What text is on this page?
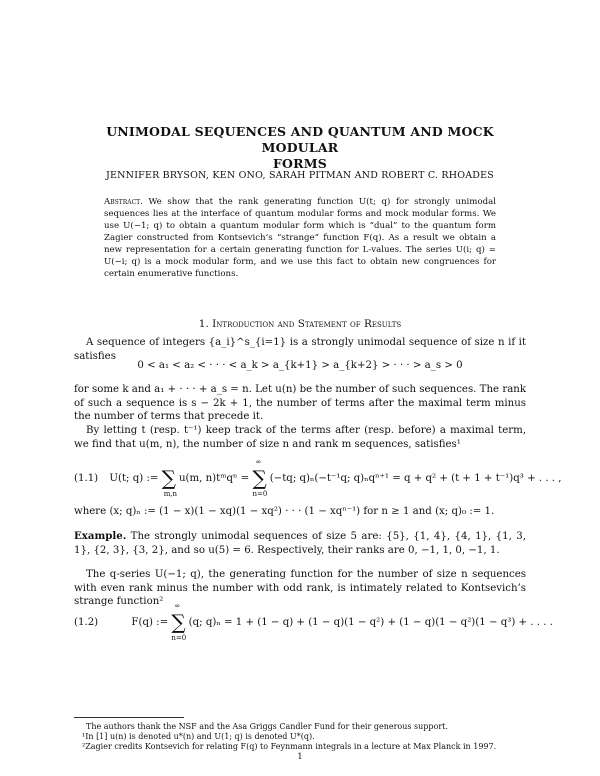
UNIMODAL SEQUENCES AND QUANTUM AND MOCK MODULAR
FORMS
JENNIFER BRYSON, KEN ONO, SARAH PITMAN AND ROBERT C. RHOADES
Abstract. We show that the rank generating function U(t; q) for strongly unimodal sequences lies at the interface of quantum modular forms and mock modular forms. We use U(−1; q) to obtain a quantum modular form which is “dual” to the quantum form Zagier constructed from Kontsevich’s “strange” function F(q). As a result we obtain a new representation for a certain generating function for L-values. The series U(i; q) = U(−i; q) is a mock modular form, and we use this fact to obtain new congruences for certain enumerative functions.
1. Introduction and Statement of Results
A sequence of integers {a_i}^s_{i=1} is a strongly unimodal sequence of size n if it satisfies
0 < a₁ < a₂ < · · · < a_k > a_{k+1} > a_{k+2} > · · · > a_s > 0
for some k and a₁ + · · · + a_s = n. Let u(n) be the number of such sequences. The rank of such a sequence is s − 2k + 1, the number of terms after the maximal term minus the number of terms that precede it.
By letting t (resp. t⁻¹) keep track of the terms after (resp. before) a maximal term, we find that u(m, n), the number of size n and rank m sequences, satisfies¹
(1.1) U(t; q) := ∑
m,n
u(m, n)tᵐqⁿ =
∞
∑
n=0
(−tq; q)ₙ(−t⁻¹q; q)ₙqⁿ⁺¹ = q + q² + (t + 1 + t⁻¹)q³ + . . . ,
where (x; q)ₙ := (1 − x)(1 − xq)(1 − xq²) · · · (1 − xqⁿ⁻¹) for n ≥ 1 and (x; q)₀ := 1.
Example. The strongly unimodal sequences of size 5 are: {5}, {1, 4}, {4, 1}, {1, 3, 1}, {2, 3}, {3, 2}, and so u(5) = 6. Respectively, their ranks are 0, −1, 1, 0, −1, 1.
The q-series U(−1; q), the generating function for the number of size n sequences with even rank minus the number with odd rank, is intimately related to Kontsevich’s strange function²
(1.2)	F(q) :=
∞
∑
n=0
(q; q)ₙ = 1 + (1 − q) + (1 − q)(1 − q²) + (1 − q)(1 − q²)(1 − q³) + . . . .
The authors thank the NSF and the Asa Griggs Candler Fund for their generous support.
¹In [1] u(n) is denoted u*(n) and U(1; q) is denoted U*(q).
²Zagier credits Kontsevich for relating F(q) to Feynmann integrals in a lecture at Max Planck in 1997.
1
